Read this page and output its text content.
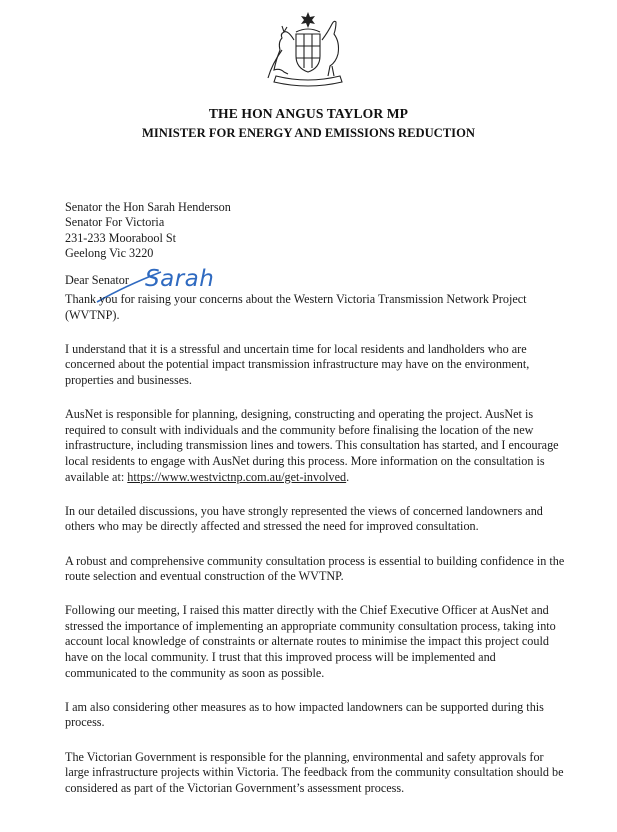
THE HON ANGUS TAYLOR MP
MINISTER FOR ENERGY AND EMISSIONS REDUCTION
Senator the Hon Sarah Henderson
Senator For Victoria
231-233 Moorabool St
Geelong Vic 3220
Dear Senator Sarah

Thank you for raising your concerns about the Western Victoria Transmission Network Project (WVTNP).

I understand that it is a stressful and uncertain time for local residents and landholders who are concerned about the potential impact transmission infrastructure may have on the environment, properties and businesses.

AusNet is responsible for planning, designing, constructing and operating the project. AusNet is required to consult with individuals and the community before finalising the location of the new infrastructure, including transmission lines and towers. This consultation has started, and I encourage local residents to engage with AusNet during this process. More information on the consultation is available at: https://www.westvictnp.com.au/get-involved.

In our detailed discussions, you have strongly represented the views of concerned landowners and others who may be directly affected and stressed the need for improved consultation.

A robust and comprehensive community consultation process is essential to building confidence in the route selection and eventual construction of the WVTNP.

Following our meeting, I raised this matter directly with the Chief Executive Officer at AusNet and stressed the importance of implementing an appropriate community consultation process, taking into account local knowledge of constraints or alternate routes to minimise the impact this project could have on the local community. I trust that this improved process will be implemented and communicated to the community as soon as possible.

I am also considering other measures as to how impacted landowners can be supported during this process.

The Victorian Government is responsible for the planning, environmental and safety approvals for large infrastructure projects within Victoria. The feedback from the community consultation should be considered as part of the Victorian Government’s assessment process.
